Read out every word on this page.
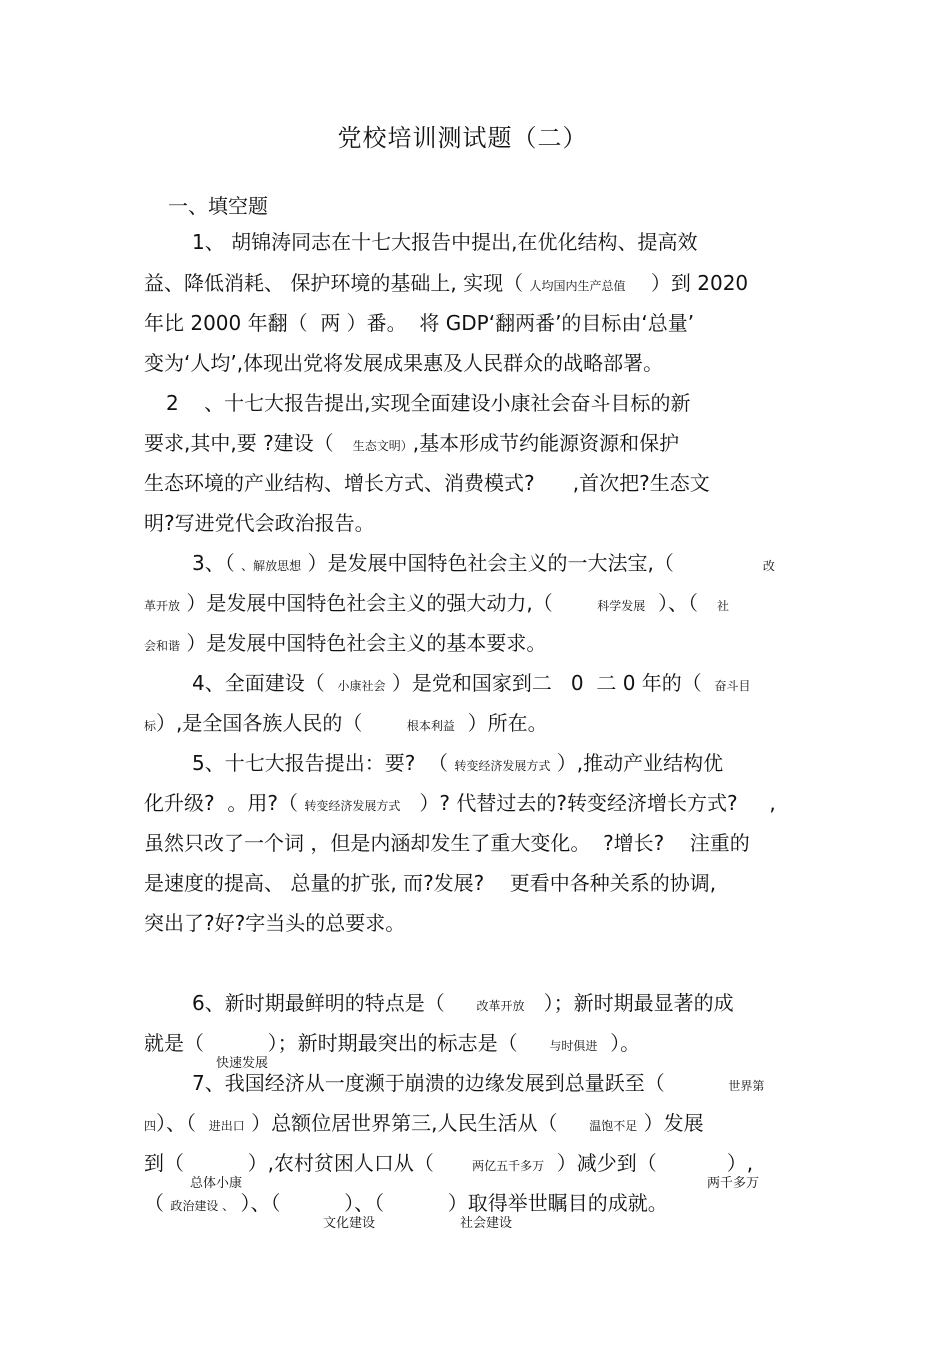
党校培训测试题（二）
一、填空题
1、 胡锦涛同志在十七大报告中提出,在优化结构、提高效
益、降低消耗、 保护环境的基础上, 实现（ 人均国内生产总值    ）到 2020
年比 2000 年翻（  两 ）番。  将 GDP‘翻两番’的目标由‘总量’
变为‘人均’,体现出党将发展成果惠及人民群众的战略部署。
2    、十七大报告提出,实现全面建设小康社会奋斗目标的新
要求,其中,要 ?建设（   生态文明）,基本形成节约能源资源和保护
生态环境的产业结构、增长方式、消费模式?      ,首次把?生态文
明?写进党代会政治报告。
3、（ 、解放思想 ）是发展中国特色社会主义的一大法宝,（              改
革开放 ）是发展中国特色社会主义的强大动力,（       科学发展  ）、（   社
会和谐 ）是发展中国特色社会主义的基本要求。
4、全面建设（  小康社会 ）是党和国家到二   0  二 0 年的（  奋斗目
标）,是全国各族人民的（       根本利益  ）所在。
5、十七大报告提出：要?  （ 转变经济发展方式 ）,推动产业结构优
化升级?  。用?（ 转变经济发展方式   ）? 代替过去的?转变经济增长方式?     ,
虽然只改了一个词 ，但是内涵却发生了重大变化。  ?增长?    注重的
是速度的提高、 总量的扩张, 而?发展?    更看中各种关系的协调,
突出了?好?字当头的总要求。
6、新时期最鲜明的特点是（     改革开放   ）；新时期最显著的成
就是（          ）；新时期最突出的标志是（     与时俱进  ）。
7、我国经济从一度濒于崩溃的边缘发展到总量跃至（          世界第
四）、（  进出口 ）总额位居世界第三,人民生活从（     温饱不足 ）发展
到（          ）,农村贫困人口从（      两亿五千多万  ）减少到（           ）,
（ 政治建设 、 ）、（          ）、（          ）取得举世瞩目的成就。
快速发展
总体小康	两千多万
文化建设	社会建设
